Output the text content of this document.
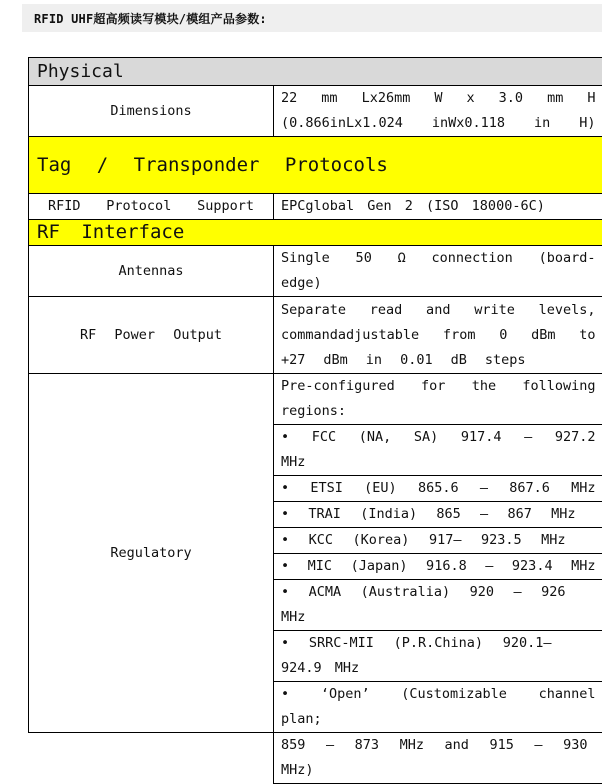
RFID UHF超高频读写模块/模组产品参数:
Physical	
Dimensions	22 mm Lx26mm W x 3.0 mm H
(0.866inLx1.024 inWx0.118 in H)

Tag / Transponder Protocols	

RFID Protocol Support	EPCglobal Gen 2 (ISO 18000-6C)
RF Interface	
Antennas	Single 50 Ω connection (board-
edge)

RF Power Output	Separate read and write levels,
commandadjustable from 0 dBm to
+27 dBm in 0.01 dB steps

Regulatory	Pre-configured for the following
regions:

	• FCC (NA, SA) 917.4 – 927.2
MHz

	• ETSI (EU) 865.6 – 867.6 MHz

	• TRAI (India) 865 – 867 MHz

	• KCC (Korea) 917– 923.5 MHz

	• MIC (Japan) 916.8 – 923.4 MHz

	• ACMA (Australia) 920 – 926
MHz

	• SRRC-MII (P.R.China) 920.1–
924.9 MHz

	• ‘Open’ (Customizable channel
plan;

	859 – 873 MHz and 915 – 930
MHz)
